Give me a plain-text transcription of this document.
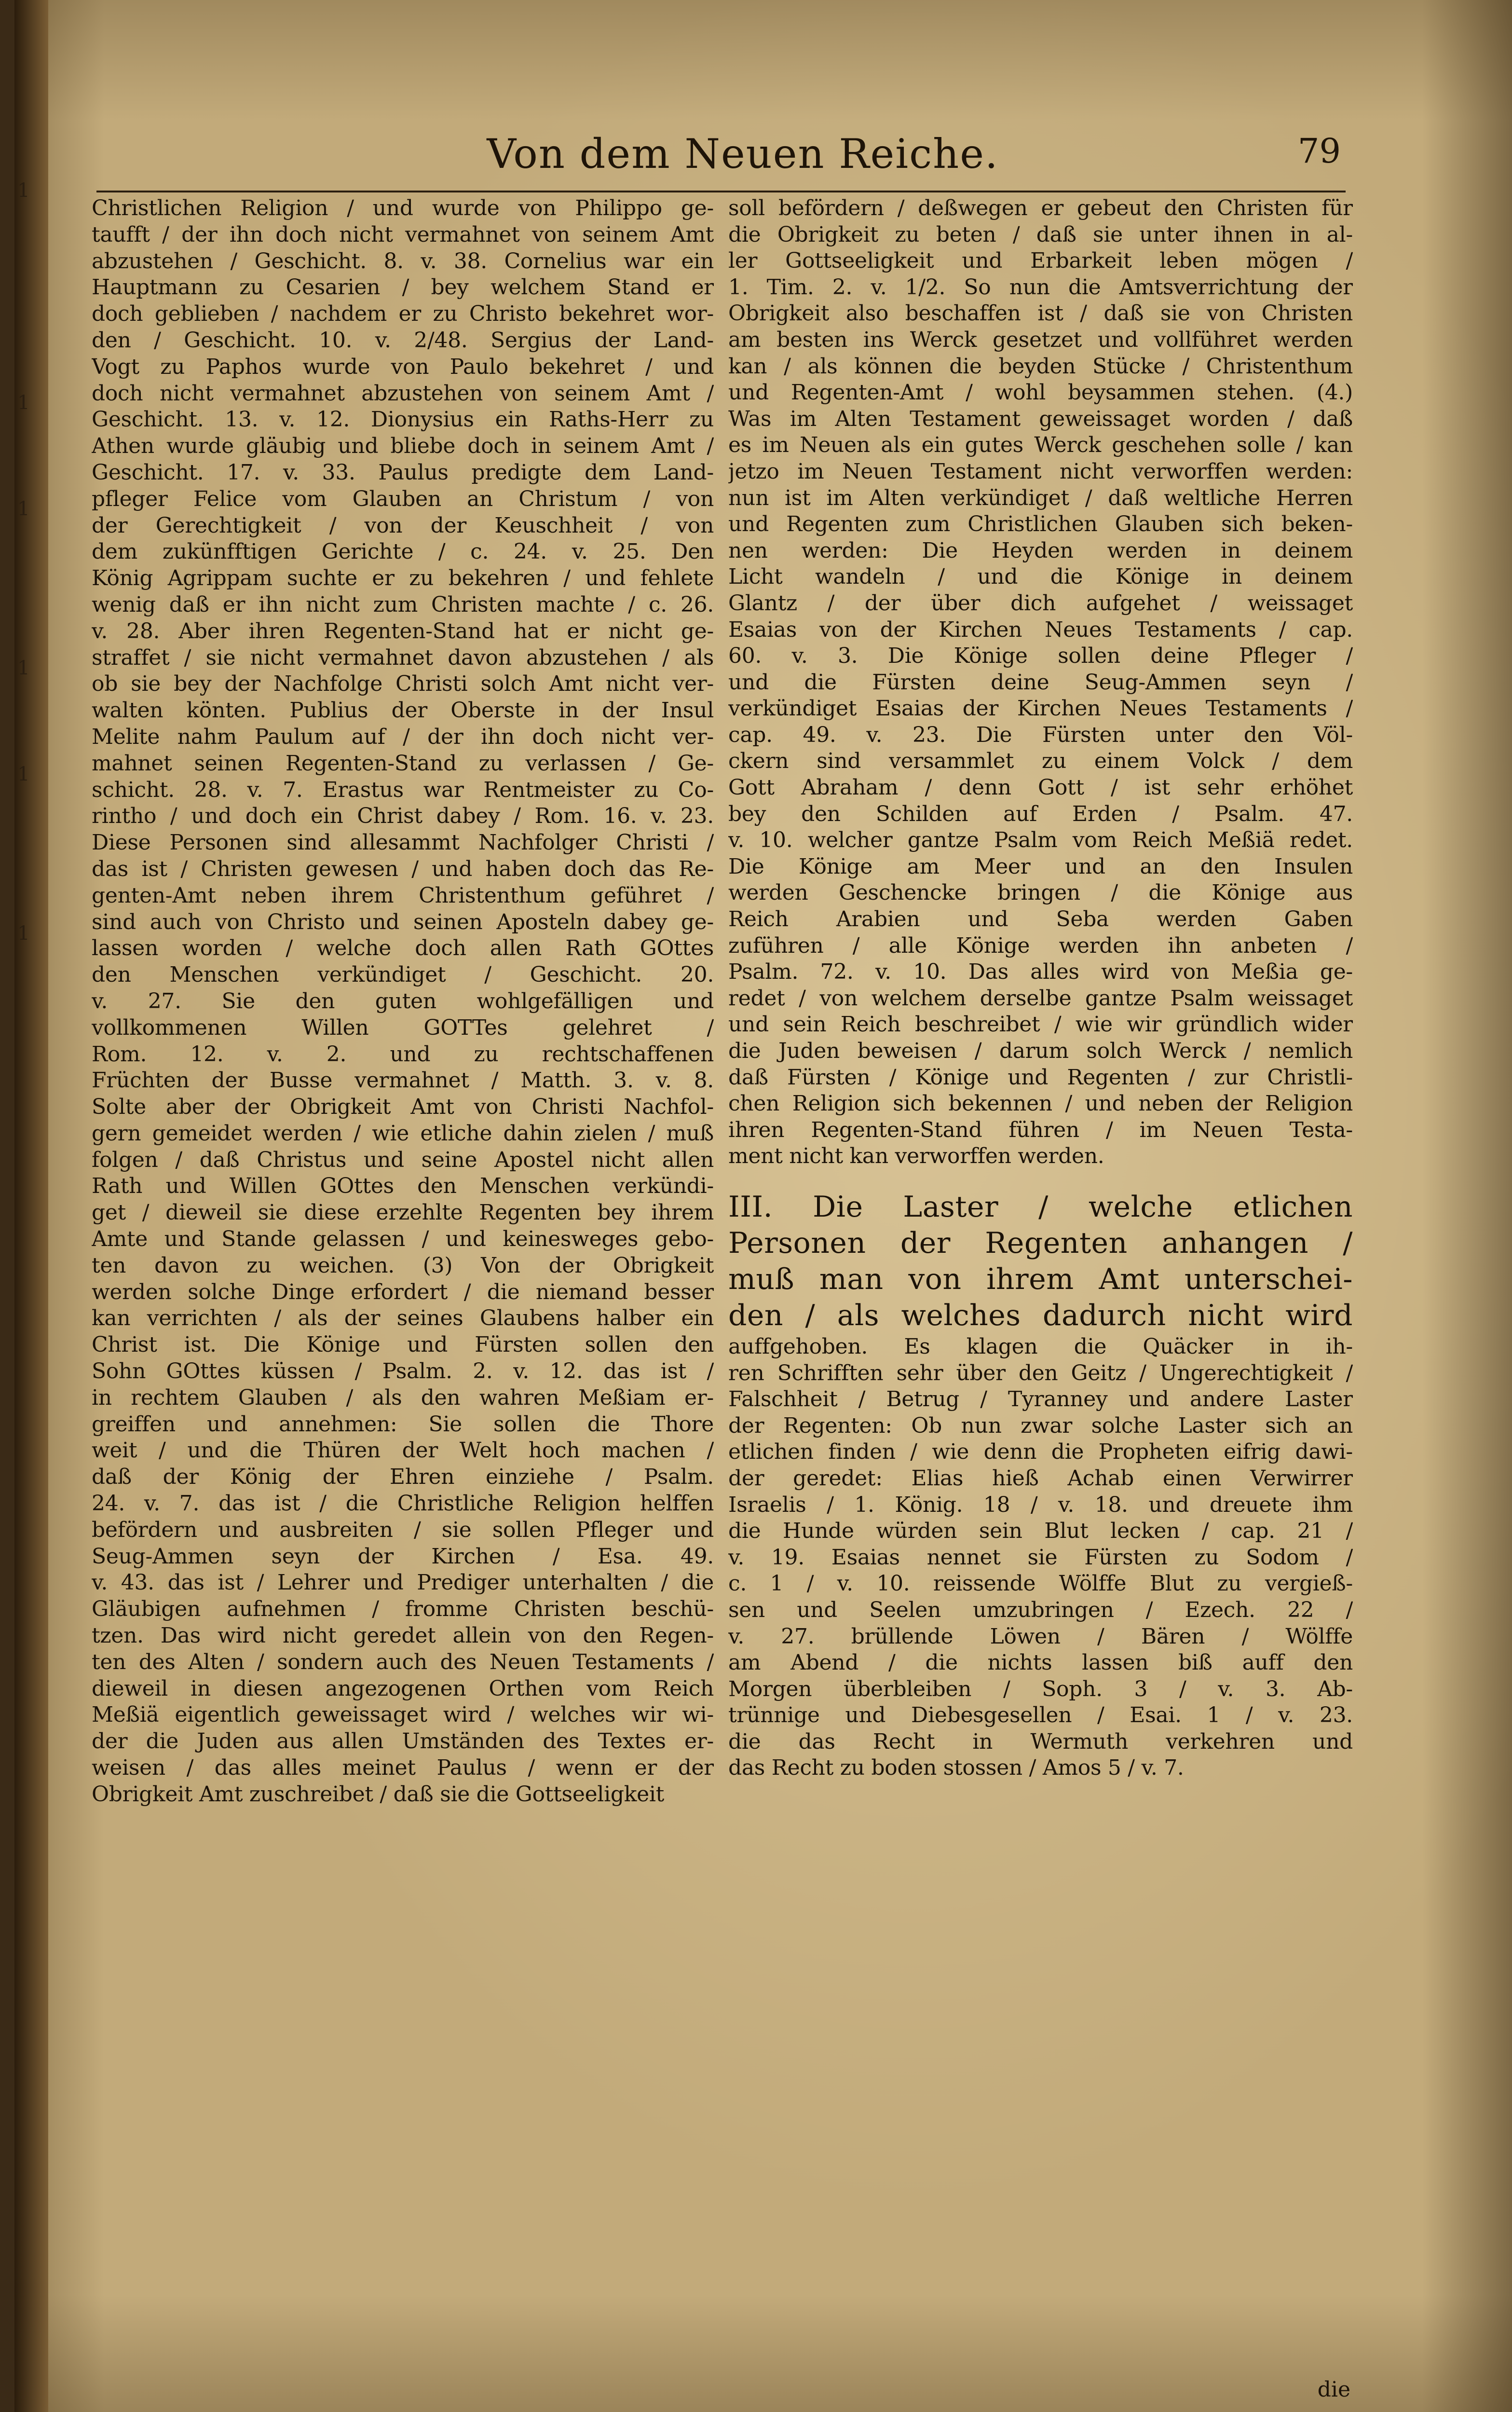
1

1

1

1

1

1
Von dem Neuen Reiche.	79
Christlichen Religion / und wurde von Philippo ge-
taufft / der ihn doch nicht vermahnet von seinem Amt
abzustehen / Geschicht. 8. v. 38. Cornelius war ein
Hauptmann zu Cesarien / bey welchem Stand er
doch geblieben / nachdem er zu Christo bekehret wor-
den / Geschicht. 10. v. 2/48. Sergius der Land-
Vogt zu Paphos wurde von Paulo bekehret / und
doch nicht vermahnet abzustehen von seinem Amt /
Geschicht. 13. v. 12. Dionysius ein Raths-Herr zu
Athen wurde gläubig und bliebe doch in seinem Amt /
Geschicht. 17. v. 33. Paulus predigte dem Land-
pfleger Felice vom Glauben an Christum / von
der Gerechtigkeit / von der Keuschheit / von
dem zukünfftigen Gerichte / c. 24. v. 25. Den
König Agrippam suchte er zu bekehren / und fehlete
wenig daß er ihn nicht zum Christen machte / c. 26.
v. 28. Aber ihren Regenten-Stand hat er nicht ge-
straffet / sie nicht vermahnet davon abzustehen / als
ob sie bey der Nachfolge Christi solch Amt nicht ver-
walten könten. Publius der Oberste in der Insul
Melite nahm Paulum auf / der ihn doch nicht ver-
mahnet seinen Regenten-Stand zu verlassen / Ge-
schicht. 28. v. 7. Erastus war Rentmeister zu Co-
rintho / und doch ein Christ dabey / Rom. 16. v. 23.
Diese Personen sind allesammt Nachfolger Christi /
das ist / Christen gewesen / und haben doch das Re-
genten-Amt neben ihrem Christenthum geführet /
sind auch von Christo und seinen Aposteln dabey ge-
lassen worden / welche doch allen Rath GOttes
den Menschen verkündiget / Geschicht. 20.
v. 27. Sie den guten wohlgefälligen und
vollkommenen Willen GOTTes gelehret /
Rom. 12. v. 2. und zu rechtschaffenen
Früchten der Busse vermahnet / Matth. 3. v. 8.
Solte aber der Obrigkeit Amt von Christi Nachfol-
gern gemeidet werden / wie etliche dahin zielen / muß
folgen / daß Christus und seine Apostel nicht allen
Rath und Willen GOttes den Menschen verkündi-
get / dieweil sie diese erzehlte Regenten bey ihrem
Amte und Stande gelassen / und keinesweges gebo-
ten davon zu weichen. (3) Von der Obrigkeit
werden solche Dinge erfordert / die niemand besser
kan verrichten / als der seines Glaubens halber ein
Christ ist. Die Könige und Fürsten sollen den
Sohn GOttes küssen / Psalm. 2. v. 12. das ist /
in rechtem Glauben / als den wahren Meßiam er-
greiffen und annehmen: Sie sollen die Thore
weit / und die Thüren der Welt hoch machen /
daß der König der Ehren einziehe / Psalm.
24. v. 7. das ist / die Christliche Religion helffen
befördern und ausbreiten / sie sollen Pfleger und
Seug-Ammen seyn der Kirchen / Esa. 49.
v. 43. das ist / Lehrer und Prediger unterhalten / die
Gläubigen aufnehmen / fromme Christen beschü-
tzen. Das wird nicht geredet allein von den Regen-
ten des Alten / sondern auch des Neuen Testaments /
dieweil in diesen angezogenen Orthen vom Reich
Meßiä eigentlich geweissaget wird / welches wir wi-
der die Juden aus allen Umständen des Textes er-
weisen / das alles meinet Paulus / wenn er der
Obrigkeit Amt zuschreibet / daß sie die Gottseeligkeit
soll befördern / deßwegen er gebeut den Christen für
die Obrigkeit zu beten / daß sie unter ihnen in al-
ler Gottseeligkeit und Erbarkeit leben mögen /
1. Tim. 2. v. 1/2. So nun die Amtsverrichtung der
Obrigkeit also beschaffen ist / daß sie von Christen
am besten ins Werck gesetzet und vollführet werden
kan / als können die beyden Stücke / Christenthum
und Regenten-Amt / wohl beysammen stehen. (4.)
Was im Alten Testament geweissaget worden / daß
es im Neuen als ein gutes Werck geschehen solle / kan
jetzo im Neuen Testament nicht verworffen werden:
nun ist im Alten verkündiget / daß weltliche Herren
und Regenten zum Christlichen Glauben sich beken-
nen werden: Die Heyden werden in deinem
Licht wandeln / und die Könige in deinem
Glantz / der über dich aufgehet / weissaget
Esaias von der Kirchen Neues Testaments / cap.
60. v. 3. Die Könige sollen deine Pfleger /
und die Fürsten deine Seug-Ammen seyn /
verkündiget Esaias der Kirchen Neues Testaments /
cap. 49. v. 23. Die Fürsten unter den Völ-
ckern sind versammlet zu einem Volck / dem
Gott Abraham / denn Gott / ist sehr erhöhet
bey den Schilden auf Erden / Psalm. 47.
v. 10. welcher gantze Psalm vom Reich Meßiä redet.
Die Könige am Meer und an den Insulen
werden Geschencke bringen / die Könige aus
Reich Arabien und Seba werden Gaben
zuführen / alle Könige werden ihn anbeten /
Psalm. 72. v. 10. Das alles wird von Meßia ge-
redet / von welchem derselbe gantze Psalm weissaget
und sein Reich beschreibet / wie wir gründlich wider
die Juden beweisen / darum solch Werck / nemlich
daß Fürsten / Könige und Regenten / zur Christli-
chen Religion sich bekennen / und neben der Religion
ihren Regenten-Stand führen / im Neuen Testa-
ment nicht kan verworffen werden.
III. Die Laster / welche etlichen
Personen der Regenten anhangen /
muß man von ihrem Amt unterschei-
den / als welches dadurch nicht wird
auffgehoben. Es klagen die Quäcker in ih-
ren Schrifften sehr über den Geitz / Ungerechtigkeit /
Falschheit / Betrug / Tyranney und andere Laster
der Regenten: Ob nun zwar solche Laster sich an
etlichen finden / wie denn die Propheten eifrig dawi-
der geredet: Elias hieß Achab einen Verwirrer
Israelis / 1. König. 18 / v. 18. und dreuete ihm
die Hunde würden sein Blut lecken / cap. 21 /
v. 19. Esaias nennet sie Fürsten zu Sodom /
c. 1 / v. 10. reissende Wölffe Blut zu vergieß-
sen und Seelen umzubringen / Ezech. 22 /
v. 27. brüllende Löwen / Bären / Wölffe
am Abend / die nichts lassen biß auff den
Morgen überbleiben / Soph. 3 / v. 3. Ab-
trünnige und Diebesgesellen / Esai. 1 / v. 23.
die das Recht in Wermuth verkehren und
das Recht zu boden stossen / Amos 5 / v. 7.
die
